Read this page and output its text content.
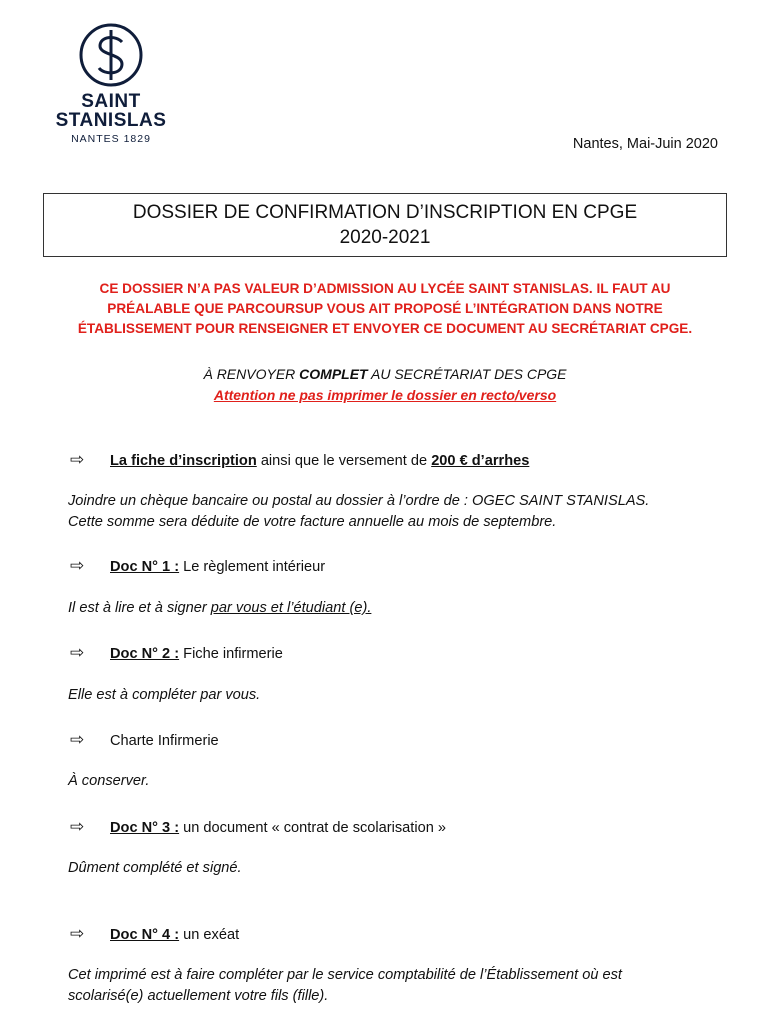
SAINT
STANISLAS
NANTES 1829	Nantes, Mai-Juin 2020
DOSSIER DE CONFIRMATION D’INSCRIPTION EN CPGE
2020-2021
CE DOSSIER N’A PAS VALEUR D’ADMISSION AU LYCÉE SAINT STANISLAS. IL FAUT AU
PRÉALABLE QUE PARCOURSUP VOUS AIT PROPOSÉ L’INTÉGRATION DANS NOTRE
ÉTABLISSEMENT POUR RENSEIGNER ET ENVOYER CE DOCUMENT AU SECRÉTARIAT CPGE.
À RENVOYER COMPLET AU SECRÉTARIAT DES CPGE
Attention ne pas imprimer le dossier en recto/verso
⇨ La fiche d’inscription ainsi que le versement de 200 € d’arrhes
Joindre un chèque bancaire ou postal au dossier à l’ordre de : OGEC SAINT STANISLAS.
Cette somme sera déduite de votre facture annuelle au mois de septembre.
⇨ Doc N° 1 : Le règlement intérieur
Il est à lire et à signer par vous et l’étudiant (e).
⇨ Doc N° 2 : Fiche infirmerie
Elle est à compléter par vous.
⇨ Charte Infirmerie
À conserver.
⇨ Doc N° 3 : un document « contrat de scolarisation »
Dûment complété et signé.
⇨ Doc N° 4 : un exéat
Cet imprimé est à faire compléter par le service comptabilité de l’Établissement où est
scolarisé(e) actuellement votre fils (fille).
